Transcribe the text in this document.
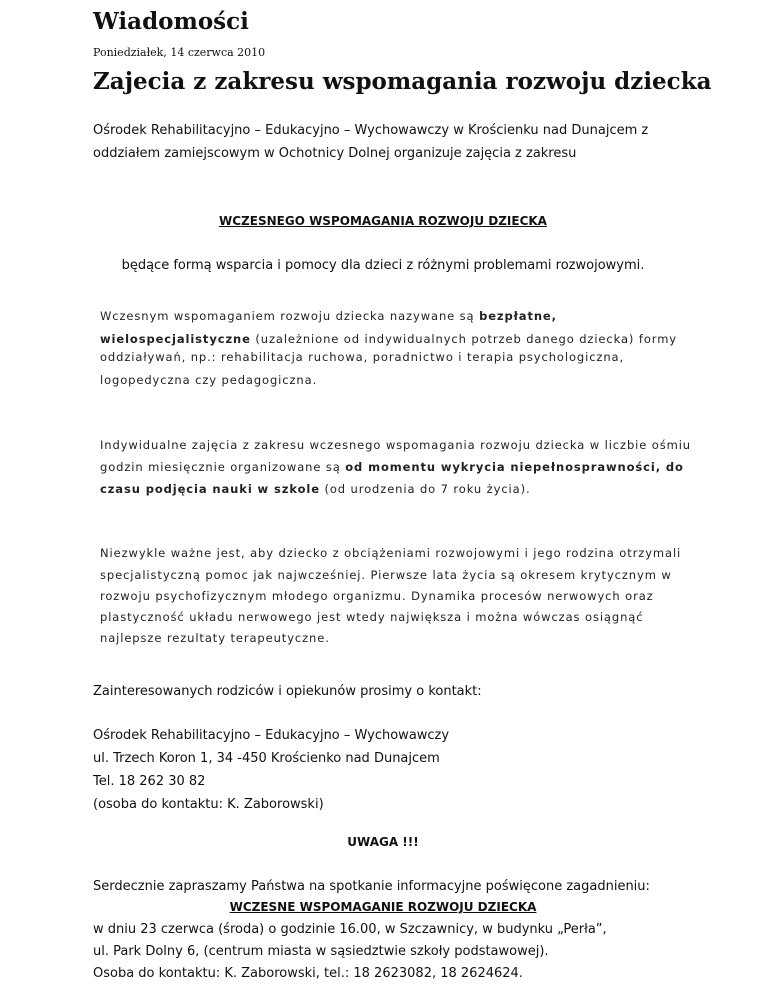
Wiadomości
Poniedziałek, 14 czerwca 2010
Zajecia z zakresu wspomagania rozwoju dziecka
Ośrodek Rehabilitacyjno – Edukacyjno – Wychowawczy w Krościenku nad Dunajcem z
oddziałem zamiejscowym w Ochotnicy Dolnej organizuje zajęcia z zakresu
WCZESNEGO WSPOMAGANIA ROZWOJU DZIECKA
będące formą wsparcia i pomocy dla dzieci z różnymi problemami rozwojowymi.
Wczesnym wspomaganiem rozwoju dziecka nazywane są bezpłatne,
wielospecjalistyczne (uzależnione od indywidualnych potrzeb danego dziecka) formy
oddziaływań, np.: rehabilitacja ruchowa, poradnictwo i terapia psychologiczna,
logopedyczna czy pedagogiczna.
Indywidualne zajęcia z zakresu wczesnego wspomagania rozwoju dziecka w liczbie ośmiu
godzin miesięcznie organizowane są od momentu wykrycia niepełnosprawności, do
czasu podjęcia nauki w szkole (od urodzenia do 7 roku życia).
Niezwykle ważne jest, aby dziecko z obciążeniami rozwojowymi i jego rodzina otrzymali
specjalistyczną pomoc jak najwcześniej. Pierwsze lata życia są okresem krytycznym w
rozwoju psychofizycznym młodego organizmu. Dynamika procesów nerwowych oraz
plastyczność układu nerwowego jest wtedy największa i można wówczas osiągnąć
najlepsze rezultaty terapeutyczne.
Zainteresowanych rodziców i opiekunów prosimy o kontakt:
Ośrodek Rehabilitacyjno – Edukacyjno – Wychowawczy
ul. Trzech Koron 1, 34 -450 Krościenko nad Dunajcem
Tel. 18 262 30 82
(osoba do kontaktu: K. Zaborowski)
UWAGA !!!
Serdecznie zapraszamy Państwa na spotkanie informacyjne poświęcone zagadnieniu:
WCZESNE WSPOMAGANIE ROZWOJU DZIECKA
w dniu 23 czerwca (środa) o godzinie 16.00, w Szczawnicy, w budynku „Perła”,
ul. Park Dolny 6, (centrum miasta w sąsiedztwie szkoły podstawowej).
Osoba do kontaktu: K. Zaborowski, tel.: 18 2623082, 18 2624624.
